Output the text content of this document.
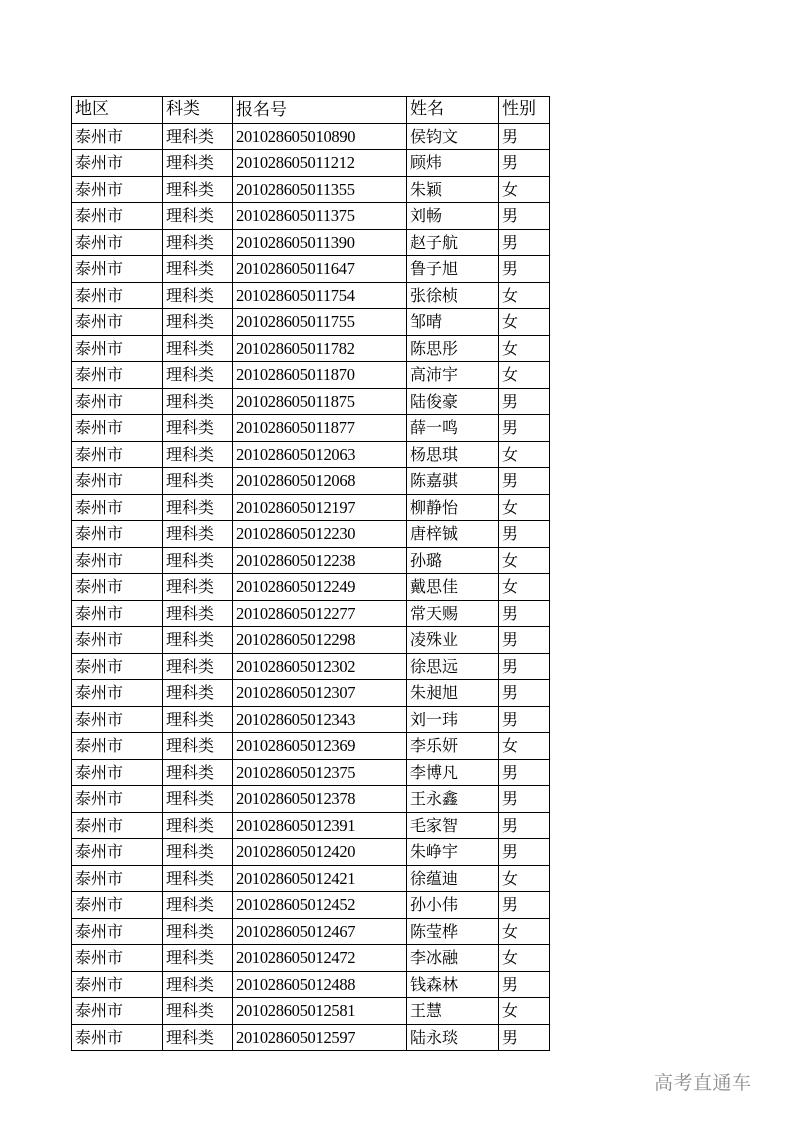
地区	科类	报名号	姓名	性别
泰州市	理科类	201028605010890	侯钧文	男
泰州市	理科类	201028605011212	顾炜	男
泰州市	理科类	201028605011355	朱颖	女
泰州市	理科类	201028605011375	刘畅	男
泰州市	理科类	201028605011390	赵子航	男
泰州市	理科类	201028605011647	鲁子旭	男
泰州市	理科类	201028605011754	张徐桢	女
泰州市	理科类	201028605011755	邹晴	女
泰州市	理科类	201028605011782	陈思彤	女
泰州市	理科类	201028605011870	高沛宇	女
泰州市	理科类	201028605011875	陆俊豪	男
泰州市	理科类	201028605011877	薛一鸣	男
泰州市	理科类	201028605012063	杨思琪	女
泰州市	理科类	201028605012068	陈嘉骐	男
泰州市	理科类	201028605012197	柳静怡	女
泰州市	理科类	201028605012230	唐梓铖	男
泰州市	理科类	201028605012238	孙璐	女
泰州市	理科类	201028605012249	戴思佳	女
泰州市	理科类	201028605012277	常天赐	男
泰州市	理科类	201028605012298	凌殊业	男
泰州市	理科类	201028605012302	徐思远	男
泰州市	理科类	201028605012307	朱昶旭	男
泰州市	理科类	201028605012343	刘一玮	男
泰州市	理科类	201028605012369	李乐妍	女
泰州市	理科类	201028605012375	李博凡	男
泰州市	理科类	201028605012378	王永鑫	男
泰州市	理科类	201028605012391	毛家智	男
泰州市	理科类	201028605012420	朱峥宇	男
泰州市	理科类	201028605012421	徐蕴迪	女
泰州市	理科类	201028605012452	孙小伟	男
泰州市	理科类	201028605012467	陈莹桦	女
泰州市	理科类	201028605012472	李冰融	女
泰州市	理科类	201028605012488	钱森林	男
泰州市	理科类	201028605012581	王慧	女
泰州市	理科类	201028605012597	陆永琰	男
高考直通车
